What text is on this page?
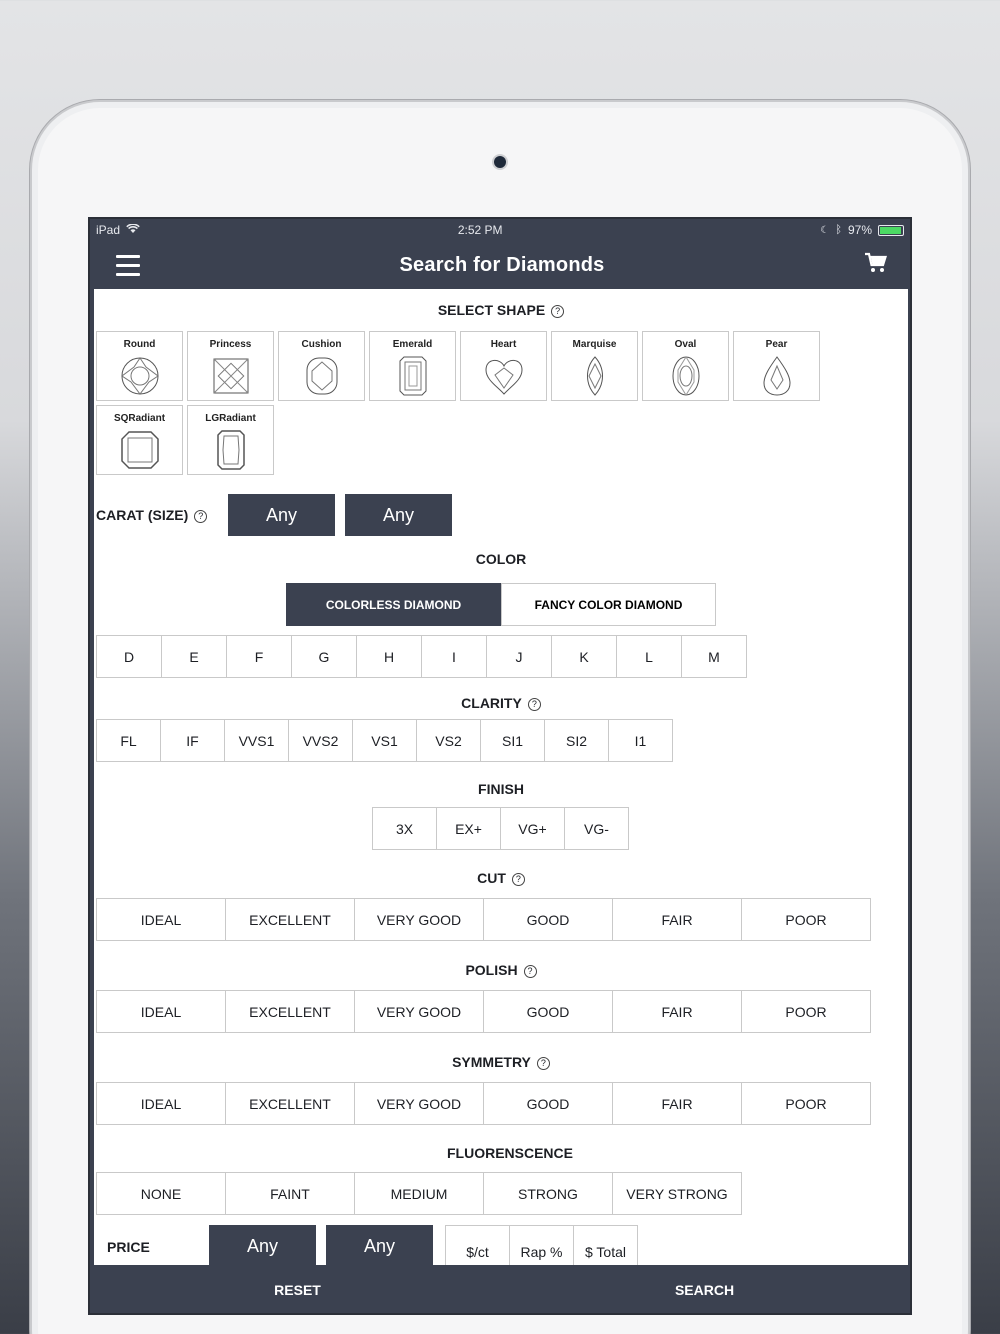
iPad	2:52 PM	☾ ᛒ 97%
Search for Diamonds
SELECT SHAPE ?
Round	Princess	Cushion	Emerald	Heart	Marquise	Oval	Pear
SQRadiant	LGRadiant
CARAT (SIZE) ?	Any	Any
COLOR
COLORLESS DIAMOND	FANCY COLOR DIAMOND
D	E	F	G	H	I	J	K	L	M
CLARITY ?
FL	IF	VVS1	VVS2	VS1	VS2	SI1	SI2	I1
FINISH
3X	EX+	VG+	VG-
CUT ?
IDEAL	EXCELLENT	VERY GOOD	GOOD	FAIR	POOR
POLISH ?
IDEAL	EXCELLENT	VERY GOOD	GOOD	FAIR	POOR
SYMMETRY ?
IDEAL	EXCELLENT	VERY GOOD	GOOD	FAIR	POOR
FLUORENSCENCE
NONE	FAINT	MEDIUM	STRONG	VERY STRONG
PRICE	Any	Any	$/ct	Rap %	$ Total
RESET	SEARCH
